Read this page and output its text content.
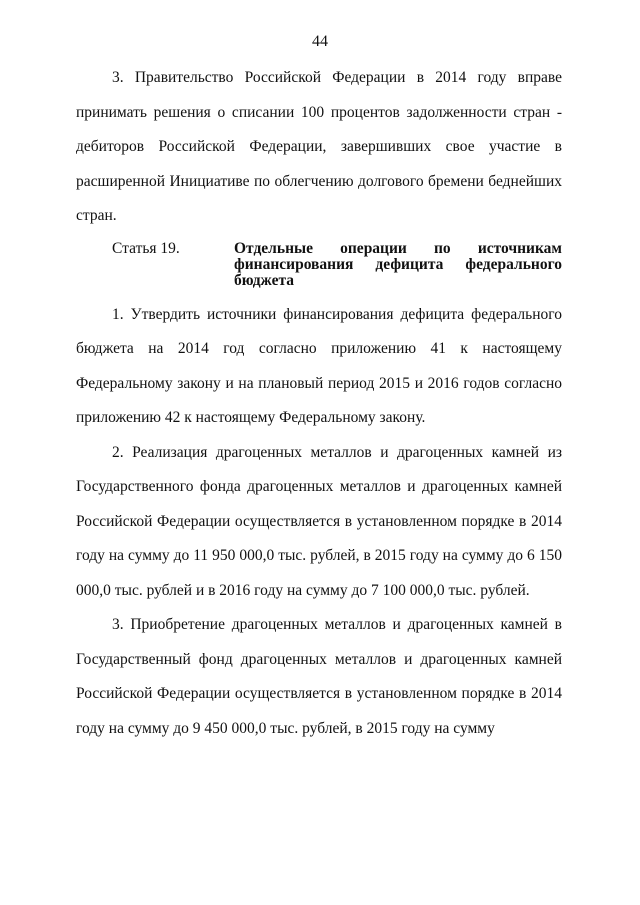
44

3. Правительство Российской Федерации в 2014 году вправе принимать решения о списании 100 процентов задолженности стран - дебиторов Российской Федерации, завершивших свое участие в расширенной Инициативе по облегчению долгового бремени беднейших стран.

Статья 19.	Отдельные операции по источникам финансирования дефицита федерального бюджета

1. Утвердить источники финансирования дефицита федерального бюджета на 2014 год согласно приложению 41 к настоящему Федеральному закону и на плановый период 2015 и 2016 годов согласно приложению 42 к настоящему Федеральному закону.

2. Реализация драгоценных металлов и драгоценных камней из Государственного фонда драгоценных металлов и драгоценных камней Российской Федерации осуществляется в установленном порядке в 2014 году на сумму до 11 950 000,0 тыс. рублей, в 2015 году на сумму до 6 150 000,0 тыс. рублей и в 2016 году на сумму до 7 100 000,0 тыс. рублей.

3. Приобретение драгоценных металлов и драгоценных камней в Государственный фонд драгоценных металлов и драгоценных камней Российской Федерации осуществляется в установленном порядке в 2014 году на сумму до 9 450 000,0 тыс. рублей, в 2015 году на сумму
